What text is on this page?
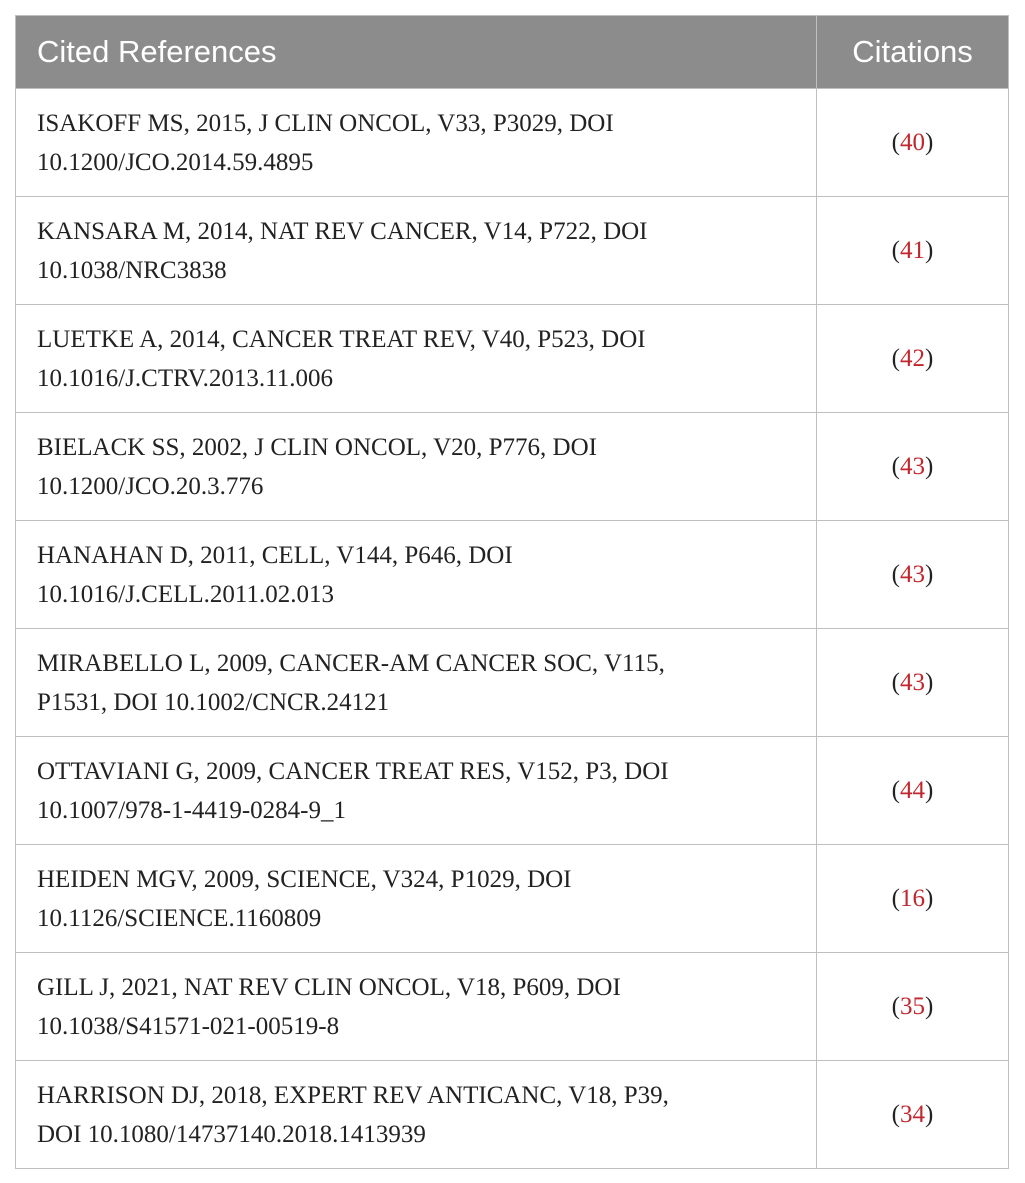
Cited References	Citations
ISAKOFF MS, 2015, J CLIN ONCOL, V33, P3029, DOI
10.1200/JCO.2014.59.4895	(40)
KANSARA M, 2014, NAT REV CANCER, V14, P722, DOI
10.1038/NRC3838	(41)
LUETKE A, 2014, CANCER TREAT REV, V40, P523, DOI
10.1016/J.CTRV.2013.11.006	(42)
BIELACK SS, 2002, J CLIN ONCOL, V20, P776, DOI
10.1200/JCO.20.3.776	(43)
HANAHAN D, 2011, CELL, V144, P646, DOI
10.1016/J.CELL.2011.02.013	(43)
MIRABELLO L, 2009, CANCER-AM CANCER SOC, V115,
P1531, DOI 10.1002/CNCR.24121	(43)
OTTAVIANI G, 2009, CANCER TREAT RES, V152, P3, DOI
10.1007/978-1-4419-0284-9_1	(44)
HEIDEN MGV, 2009, SCIENCE, V324, P1029, DOI
10.1126/SCIENCE.1160809	(16)
GILL J, 2021, NAT REV CLIN ONCOL, V18, P609, DOI
10.1038/S41571-021-00519-8	(35)
HARRISON DJ, 2018, EXPERT REV ANTICANC, V18, P39,
DOI 10.1080/14737140.2018.1413939	(34)
